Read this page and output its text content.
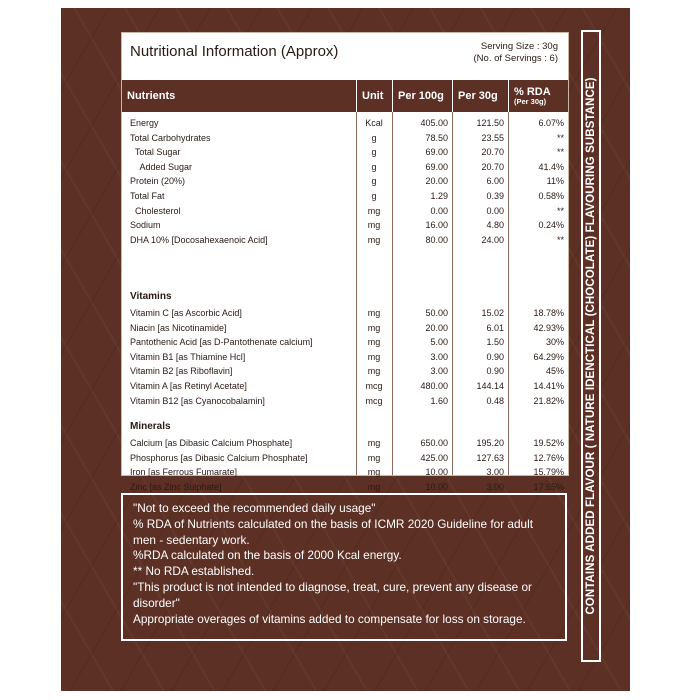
Nutritional Information (Approx)	Serving Size : 30g
(No. of Servings : 6)
Nutrients	Unit	Per 100g	Per 30g	% RDA
(Per 30g)
Vitamins
Minerals
Energy	Kcal	405.00	121.50	6.07%
Total Carbohydrates	g	78.50	23.55	**
Total Sugar	g	69.00	20.70	**
Added Sugar	g	69.00	20.70	41.4%
Protein (20%)	g	20.00	6.00	11%
Total Fat	g	1.29	0.39	0.58%
Cholesterol	mg	0.00	0.00	**
Sodium	mg	16.00	4.80	0.24%
DHA 10% [Docosahexaenoic Acid]	mg	80.00	24.00	**
Vitamin C [as Ascorbic Acid]	mg	50.00	15.02	18.78%
Niacin [as Nicotinamide]	mg	20.00	6.01	42.93%
Pantothenic Acid [as D-Pantothenate calcium]	mg	5.00	1.50	30%
Vitamin B1 [as Thiamine Hcl]	mg	3.00	0.90	64.29%
Vitamin B2 [as Riboflavin]	mg	3.00	0.90	45%
Vitamin A [as Retinyl Acetate]	mcg	480.00	144.14	14.41%
Vitamin B12 [as Cyanocobalamin]	mcg	1.60	0.48	21.82%
Calcium [as Dibasic Calcium Phosphate]	mg	650.00	195.20	19.52%
Phosphorus [as Dibasic Calcium Phosphate]	mg	425.00	127.63	12.76%
Iron [as Ferrous Fumarate]	mg	10.00	3.00	15.79%
Zinc [as Zinc Sulphate]	mg	10.00	3.00	17.65%
"Not to exceed the recommended daily usage"
% RDA of Nutrients calculated on the basis of ICMR 2020 Guideline for adult men - sedentary work.
%RDA calculated on the basis of 2000 Kcal energy.
** No RDA established.
"This product is not intended to diagnose, treat, cure, prevent any disease or disorder"
Appropriate overages of vitamins added to compensate for loss on storage.
CONTAINS ADDED FLAVOUR ( NATURE IDENCTICAL (CHOCOLATE) FLAVOURING SUBSTANCE)
